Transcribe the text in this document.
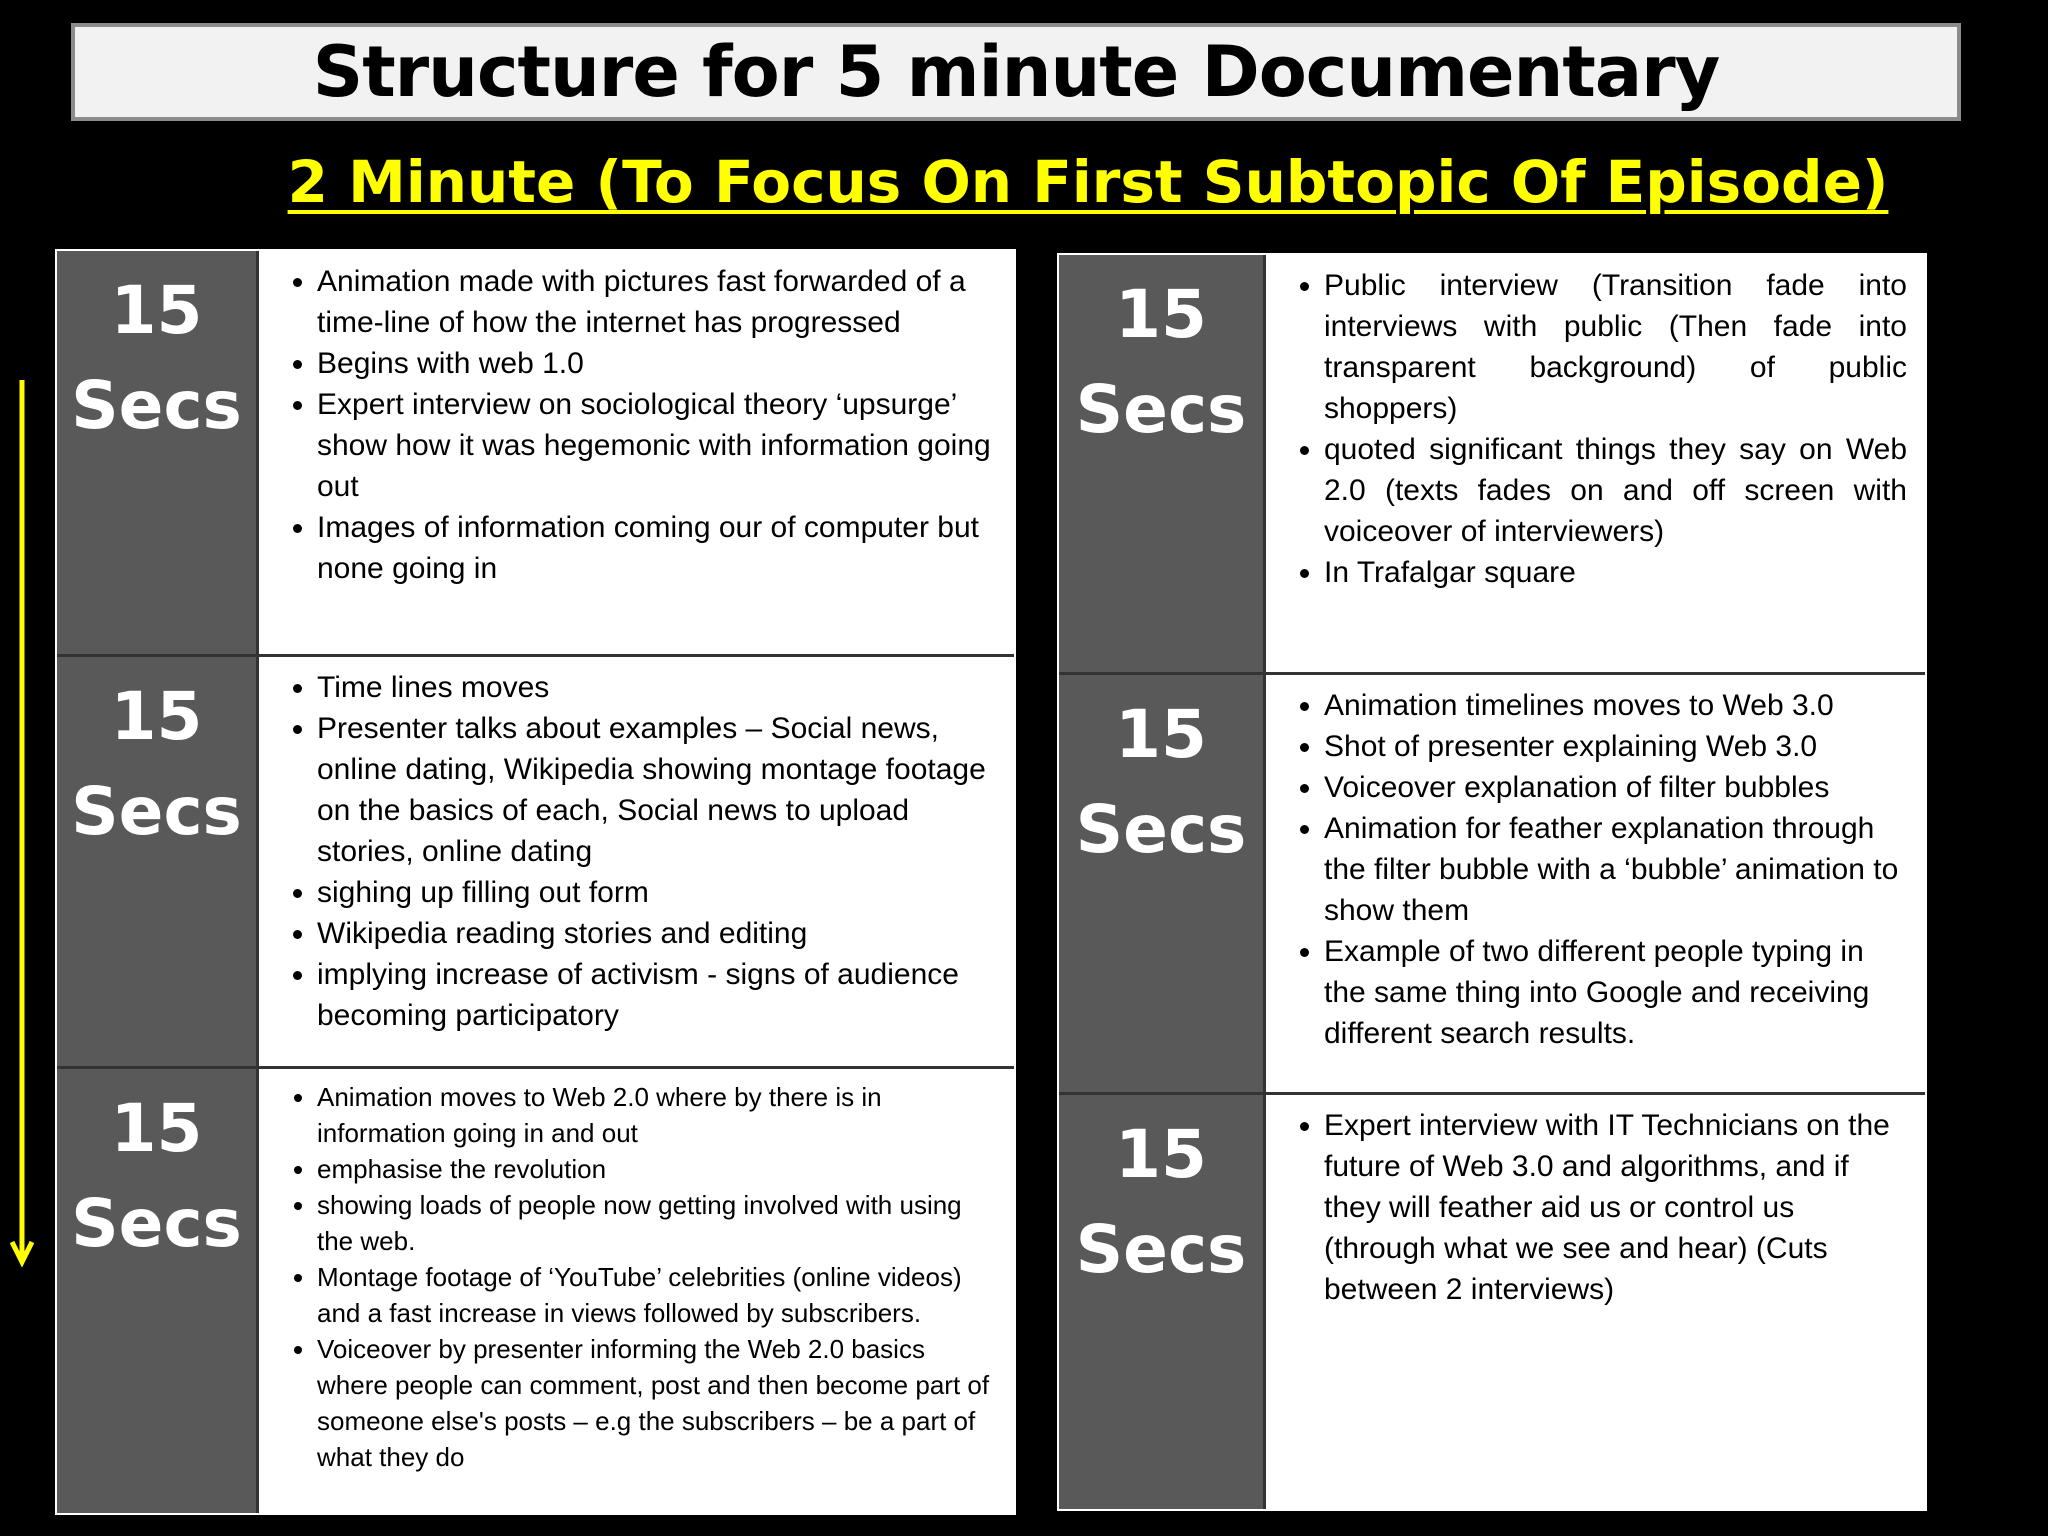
Structure for 5 minute Documentary
2 Minute (To Focus On First Subtopic Of Episode)
15
Secs
• Animation made with pictures fast forwarded of a time-line of how the internet has progressed
• Begins with web 1.0
• Expert interview on sociological theory ‘upsurge’ show how it was hegemonic with information going out
• Images of information coming our of computer but none going in
15
Secs
• Time lines moves
• Presenter talks about examples – Social news, online dating, Wikipedia showing montage footage on the basics of each, Social news to upload stories, online dating
• sighing up filling out form
• Wikipedia reading stories and editing
• implying increase of activism - signs of audience becoming participatory
15
Secs
• Animation moves to Web 2.0 where by there is in information going in and out
• emphasise the revolution
• showing loads of people now getting involved with using the web.
• Montage footage of ‘YouTube’ celebrities (online videos) and a fast increase in views followed by subscribers.
• Voiceover by presenter informing the Web 2.0 basics where people can comment, post and then become part of someone else's posts – e.g the subscribers – be a part of what they do
15
Secs
• Public interview (Transition fade into interviews with public (Then fade into transparent background) of public shoppers)
• quoted significant things they say on Web 2.0 (texts fades on and off screen with voiceover of interviewers)
• In Trafalgar square
15
Secs
• Animation timelines moves to Web 3.0
• Shot of presenter explaining Web 3.0
• Voiceover explanation of filter bubbles
• Animation for feather explanation through the filter bubble with a ‘bubble’ animation to show them
• Example of two different people typing in the same thing into Google and receiving different search results.
15
Secs
• Expert interview with IT Technicians on the future of Web 3.0 and algorithms, and if they will feather aid us or control us (through what we see and hear) (Cuts between 2 interviews)
